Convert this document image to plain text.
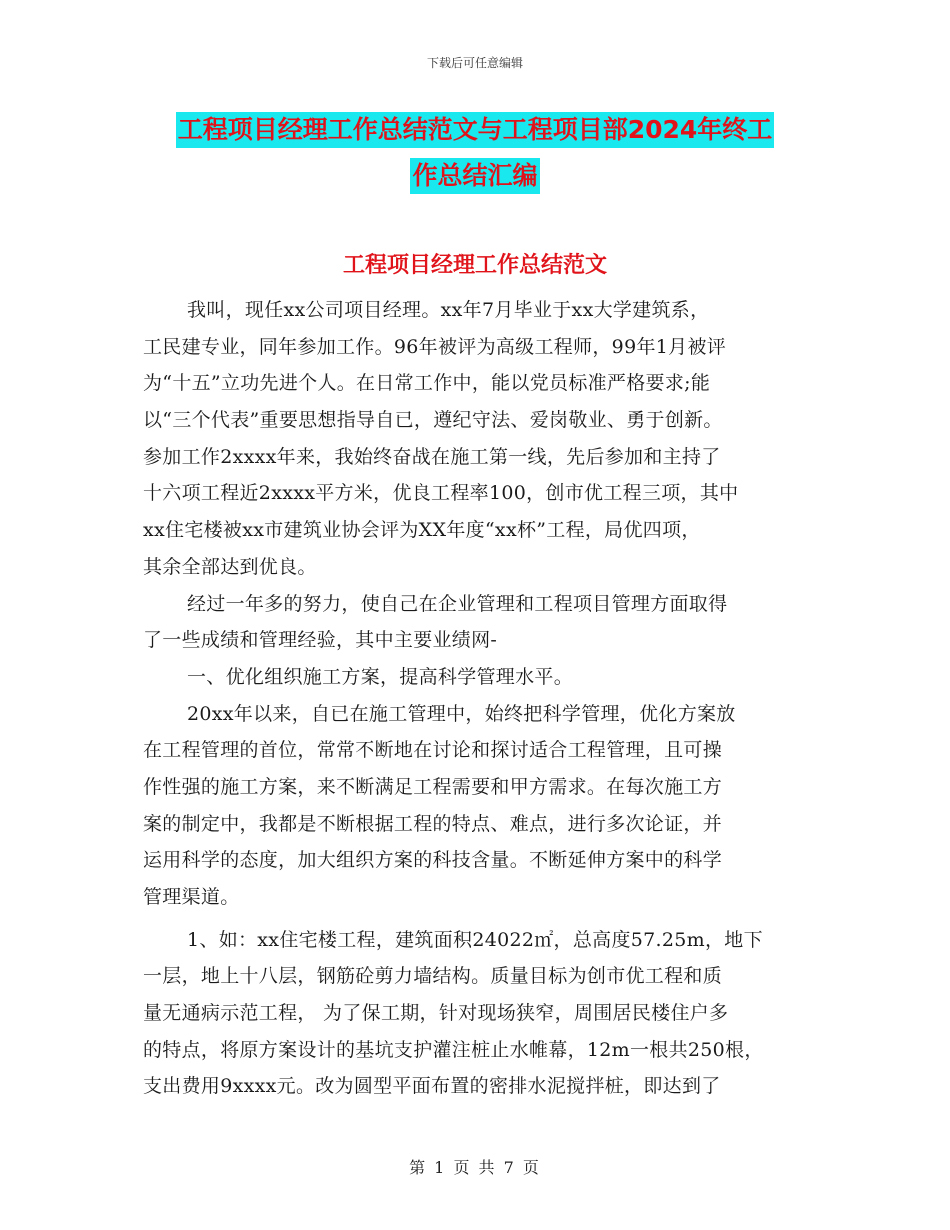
下载后可任意编辑
工程项目经理工作总结范文与工程项目部2024年终工
作总结汇编
工程项目经理工作总结范文
我叫，现任xx公司项目经理。xx年7月毕业于xx大学建筑系，
工民建专业，同年参加工作。96年被评为高级工程师，99年1月被评
为“十五”立功先进个人。在日常工作中，能以党员标准严格要求;能
以“三个代表”重要思想指导自已，遵纪守法、爱岗敬业、勇于创新。
参加工作2xxxx年来，我始终奋战在施工第一线，先后参加和主持了
十六项工程近2xxxx平方米，优良工程率100，创市优工程三项，其中
xx住宅楼被xx市建筑业协会评为XX年度“xx杯”工程，局优四项，
其余全部达到优良。
经过一年多的努力，使自己在企业管理和工程项目管理方面取得
了一些成绩和管理经验，其中主要业绩网-
一、优化组织施工方案，提高科学管理水平。
20xx年以来，自已在施工管理中，始终把科学管理，优化方案放
在工程管理的首位，常常不断地在讨论和探讨适合工程管理，且可操
作性强的施工方案，来不断满足工程需要和甲方需求。在每次施工方
案的制定中，我都是不断根据工程的特点、难点，进行多次论证，并
运用科学的态度，加大组织方案的科技含量。不断延伸方案中的科学
管理渠道。
1、如：xx住宅楼工程，建筑面积24022㎡，总高度57.25m，地下
一层，地上十八层，钢筋砼剪力墙结构。质量目标为创市优工程和质
量无通病示范工程， 为了保工期，针对现场狭窄，周围居民楼住户多
的特点，将原方案设计的基坑支护灌注桩止水帷幕，12m一根共250根，
支出费用9xxxx元。改为圆型平面布置的密排水泥搅拌桩，即达到了
第 1 页 共 7 页
